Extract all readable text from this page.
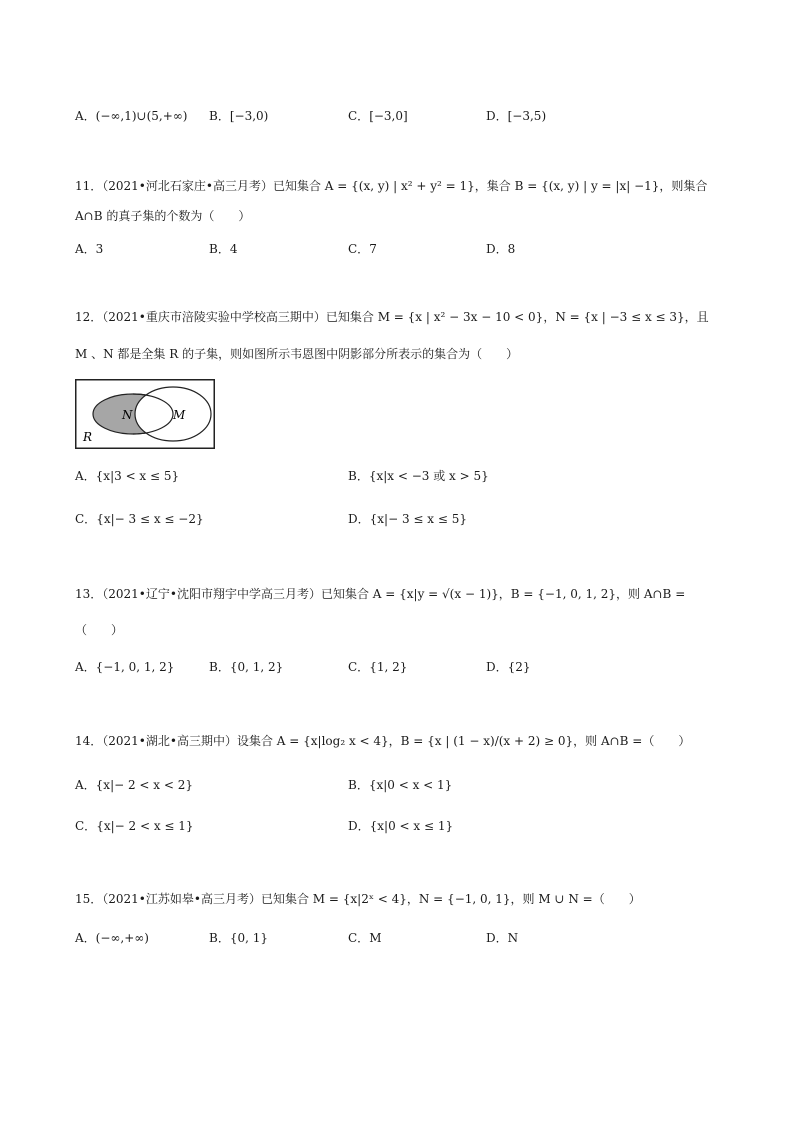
A．(−∞,1)∪(5,+∞) B．[−3,0)	C．[−3,0]	D．[−3,5)
11．（2021•河北石家庄•高三月考）已知集合 A = {(x, y) | x² + y² = 1}，集合 B = {(x, y) | y = |x| −1}，则集合
A∩B 的真子集的个数为（　　）
A．3	B．4	C．7	D．8
12．（2021•重庆市涪陵实验中学校高三期中）已知集合 M = {x | x² − 3x − 10 < 0}，N = {x | −3 ≤ x ≤ 3}，且
M 、N 都是全集 R 的子集，则如图所示韦恩图中阴影部分所表示的集合为（　　）
N	M
R
A．{x|3 < x ≤ 5}	B．{x|x < −3 或 x > 5}
C．{x|− 3 ≤ x ≤ −2}	D．{x|− 3 ≤ x ≤ 5}
13．（2021•辽宁•沈阳市翔宇中学高三月考）已知集合 A = {x|y = √(x − 1)}，B = {−1, 0, 1, 2}，则 A∩B =
（　　）
A．{−1, 0, 1, 2}	B．{0, 1, 2}	C．{1, 2}	D．{2}
14．（2021•湖北•高三期中）设集合 A = {x|log₂ x < 4}，B = {x | (1 − x)/(x + 2) ≥ 0}，则 A∩B =（　　）
A．{x|− 2 < x < 2}	B．{x|0 < x < 1}
C．{x|− 2 < x ≤ 1}	D．{x|0 < x ≤ 1}
15．（2021•江苏如皋•高三月考）已知集合 M = {x|2ˣ < 4}，N = {−1, 0, 1}，则 M ∪ N =（　　）
A．(−∞,+∞)	B．{0, 1}	C．M	D．N
